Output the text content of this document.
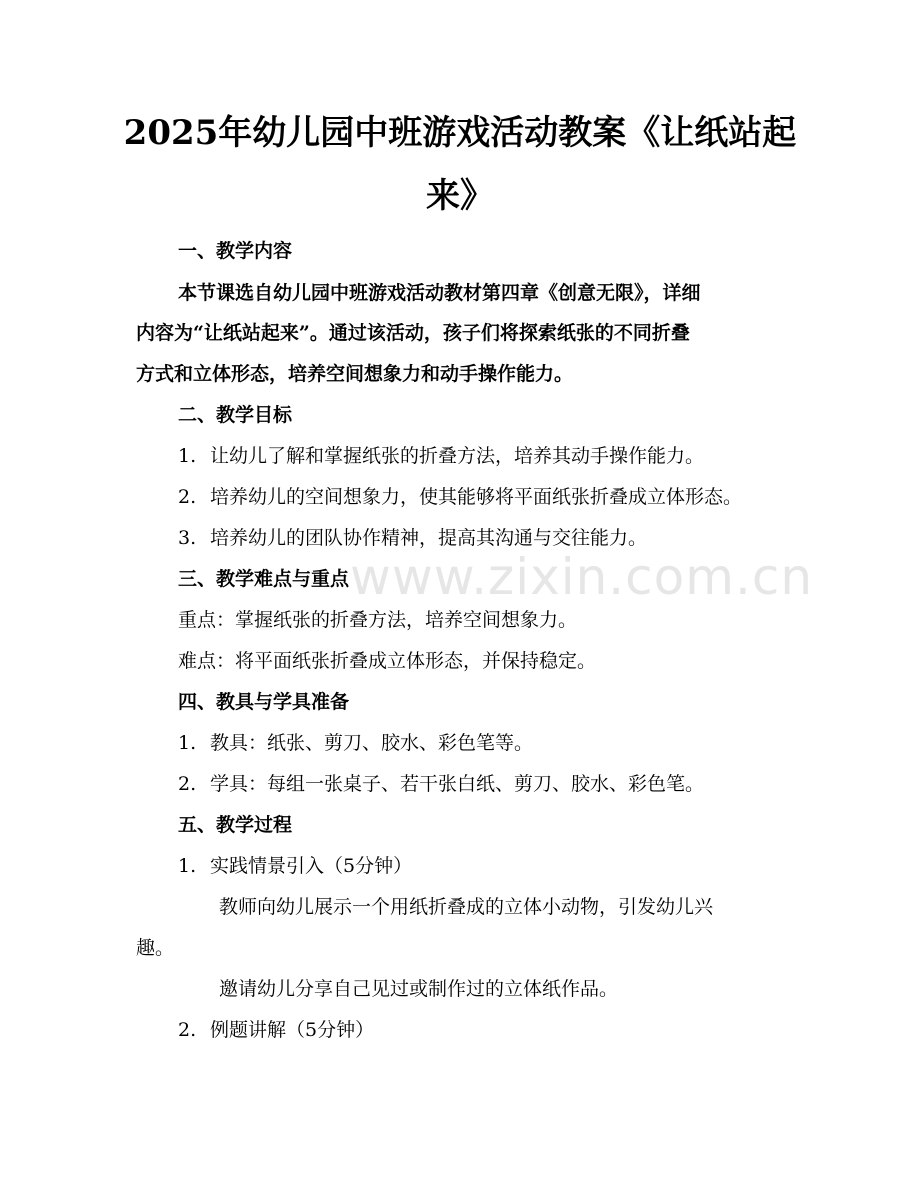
www.zixin.com.cn
2025年幼儿园中班游戏活动教案《让纸站起
来》

一、教学内容

本节课选自幼儿园中班游戏活动教材第四章《创意无限》，详细

内容为“让纸站起来”。通过该活动，孩子们将探索纸张的不同折叠

方式和立体形态，培养空间想象力和动手操作能力。

二、教学目标

1. 让幼儿了解和掌握纸张的折叠方法，培养其动手操作能力。

2. 培养幼儿的空间想象力，使其能够将平面纸张折叠成立体形态。

3. 培养幼儿的团队协作精神，提高其沟通与交往能力。

三、教学难点与重点

重点：掌握纸张的折叠方法，培养空间想象力。

难点：将平面纸张折叠成立体形态，并保持稳定。

四、教具与学具准备

1. 教具：纸张、剪刀、胶水、彩色笔等。

2. 学具：每组一张桌子、若干张白纸、剪刀、胶水、彩色笔。

五、教学过程

1. 实践情景引入（5分钟）

教师向幼儿展示一个用纸折叠成的立体小动物，引发幼儿兴

趣。

邀请幼儿分享自己见过或制作过的立体纸作品。

2. 例题讲解（5分钟）
